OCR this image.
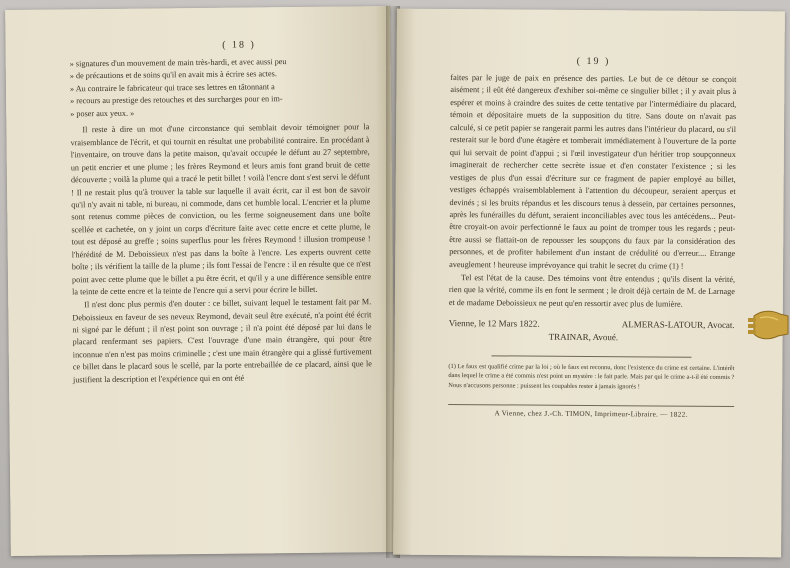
( 18 )
» signatures d'un mouvement de main très-hardi, et avec aussi peu
» de précautions et de soins qu'il en avait mis à écrire ses actes.
» Au contraire le fabricateur qui trace ses lettres en tâtonnant a
» recours au prestige des retouches et des surcharges pour en im-
» poser aux yeux. »

Il reste à dire un mot d'une circonstance qui semblait devoir témoigner pour la vraisemblance de l'écrit, et qui tournit en résultat une probabilité contraire. En procédant à l'inventaire, on trouve dans la petite maison, qu'avait occupée le défunt au 27 septembre, un petit encrier et une plume ; les frères Reymond et leurs amis font grand bruit de cette découverte ; voilà la plume qui a tracé le petit billet ! voilà l'encre dont s'est servi le défunt ! Il ne restait plus qu'à trouver la table sur laquelle il avait écrit, car il est bon de savoir qu'il n'y avait ni table, ni bureau, ni commode, dans cet humble local. L'encrier et la plume sont retenus comme pièces de conviction, ou les ferme soigneusement dans une boîte scellée et cachetée, on y joint un corps d'écriture faite avec cette encre et cette plume, le tout est déposé au greffe ; soins superflus pour les frères Reymond ! illusion trompeuse ! l'hérédité de M. Deboissieux n'est pas dans la boîte à l'encre. Les experts ouvrent cette boîte ; ils vérifient la taille de la plume ; ils font l'essai de l'encre : il en résulte que ce n'est point avec cette plume que le billet a pu être écrit, et qu'il y a une différence sensible entre la teinte de cette encre et la teinte de l'encre qui a servi pour écrire le billet.

Il n'est donc plus permis d'en douter : ce billet, suivant lequel le testament fait par M. Deboissieux en faveur de ses neveux Reymond, devait seul être exécuté, n'a point été écrit ni signé par le défunt ; il n'est point son ouvrage ; il n'a point été déposé par lui dans le placard renfermant ses papiers. C'est l'ouvrage d'une main étrangère, qui pour être inconnue n'en n'est pas moins criminelle ; c'est une main étrangère qui a glissé furtivement ce billet dans le placard sous le scellé, par la porte entrebaillée de ce placard, ainsi que le justifient la description et l'expérience qui en ont été

( 19 )

faites par le juge de paix en présence des parties. Le but de ce détour se conçoit aisément ; il eût été dangereux d'exhiber soi-même ce singulier billet ; il y avait plus à espérer et moins à craindre des suites de cette tentative par l'intermédiaire du placard, témoin et dépositaire muets de la supposition du titre. Sans doute on n'avait pas calculé, si ce petit papier se rangerait parmi les autres dans l'intérieur du placard, ou s'il resterait sur le bord d'une étagère et tomberait immédiatement à l'ouverture de la porte qui lui servait de point d'appui ; si l'œil investigateur d'un héritier trop soupçonneux imaginerait de rechercher cette secrète issue et d'en constater l'existence ; si les vestiges de plus d'un essai d'écriture sur ce fragment de papier employé au billet, vestiges échappés vraisemblablement à l'attention du découpeur, seraient aperçus et devinés ; si les bruits répandus et les discours tenus à dessein, par certaines personnes, après les funérailles du défunt, seraient inconciliables avec tous les antécédens... Peut-être croyait-on avoir perfectionné le faux au point de tromper tous les regards ; peut-être aussi se flattait-on de repousser les soupçons du faux par la considération des personnes, et de profiter habilement d'un instant de crédulité ou d'erreur.... Etrange aveuglement ! heureuse imprévoyance qui trahit le secret du crime (1) !

Tel est l'état de la cause. Des témoins vont être entendus ; qu'ils disent la vérité, rien que la vérité, comme ils en font le serment ; le droit déjà certain de M. de Larnage et de madame Deboissieux ne peut qu'en ressortir avec plus de lumière.

Vienne, le 12 Mars 1822.	ALMERAS-LATOUR, Avocat.
TRAINAR, Avoué.
(1) Le faux est qualifié crime par la loi ; où le faux est reconnu, donc l'existence du crime est certaine. L'intérêt dans lequel le crime a été commis n'est point un mystère : le fait parle. Mais par qui le crime a-t-il été commis ? Nous n'accusons personne : puissent les coupables rester à jamais ignorés !
A Vienne, chez J.-Ch. TIMON, Imprimeur-Libraire. — 1822.
